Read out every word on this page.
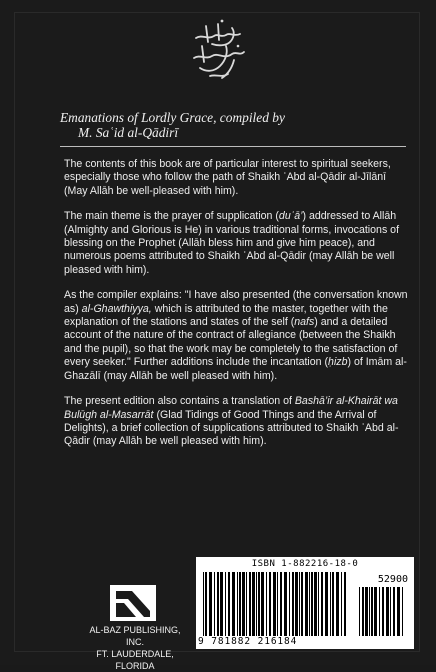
Emanations of Lordly Grace, compiled by
M. Saʿid al-Qādirī

The contents of this book are of particular interest to spiritual seekers, especially those who follow the path of Shaikh ʿAbd al-Qādir al-Jīlānī (May Allāh be well-pleased with him).

The main theme is the prayer of supplication (duʿā’) addressed to Allāh (Almighty and Glorious is He) in various traditional forms, invocations of blessing on the Prophet (Allāh bless him and give him peace), and numerous poems attributed to Shaikh ʿAbd al-Qādir (may Allāh be well pleased with him).

As the compiler explains: "I have also presented (the conversation known as) al-Ghawthiyya, which is attributed to the master, together with the explanation of the stations and states of the self (nafs) and a detailed account of the nature of the contract of allegiance (between the Shaikh and the pupil), so that the work may be completely to the satisfaction of every seeker." Further additions include the incantation (ḥizb) of Imām al-Ghazālī (may Allāh be well pleased with him).

The present edition also contains a translation of Bashā’ir al-Khairāt wa Bulūgh al-Masarrāt (Glad Tidings of Good Things and the Arrival of Delights), a brief collection of supplications attributed to Shaikh ʿAbd al-Qādir (may Allāh be well pleased with him).

AL-BAZ PUBLISHING, INC.
FT. LAUDERDALE, FLORIDA
ISBN 1-882216-18-0
52900
9 781882 216184
